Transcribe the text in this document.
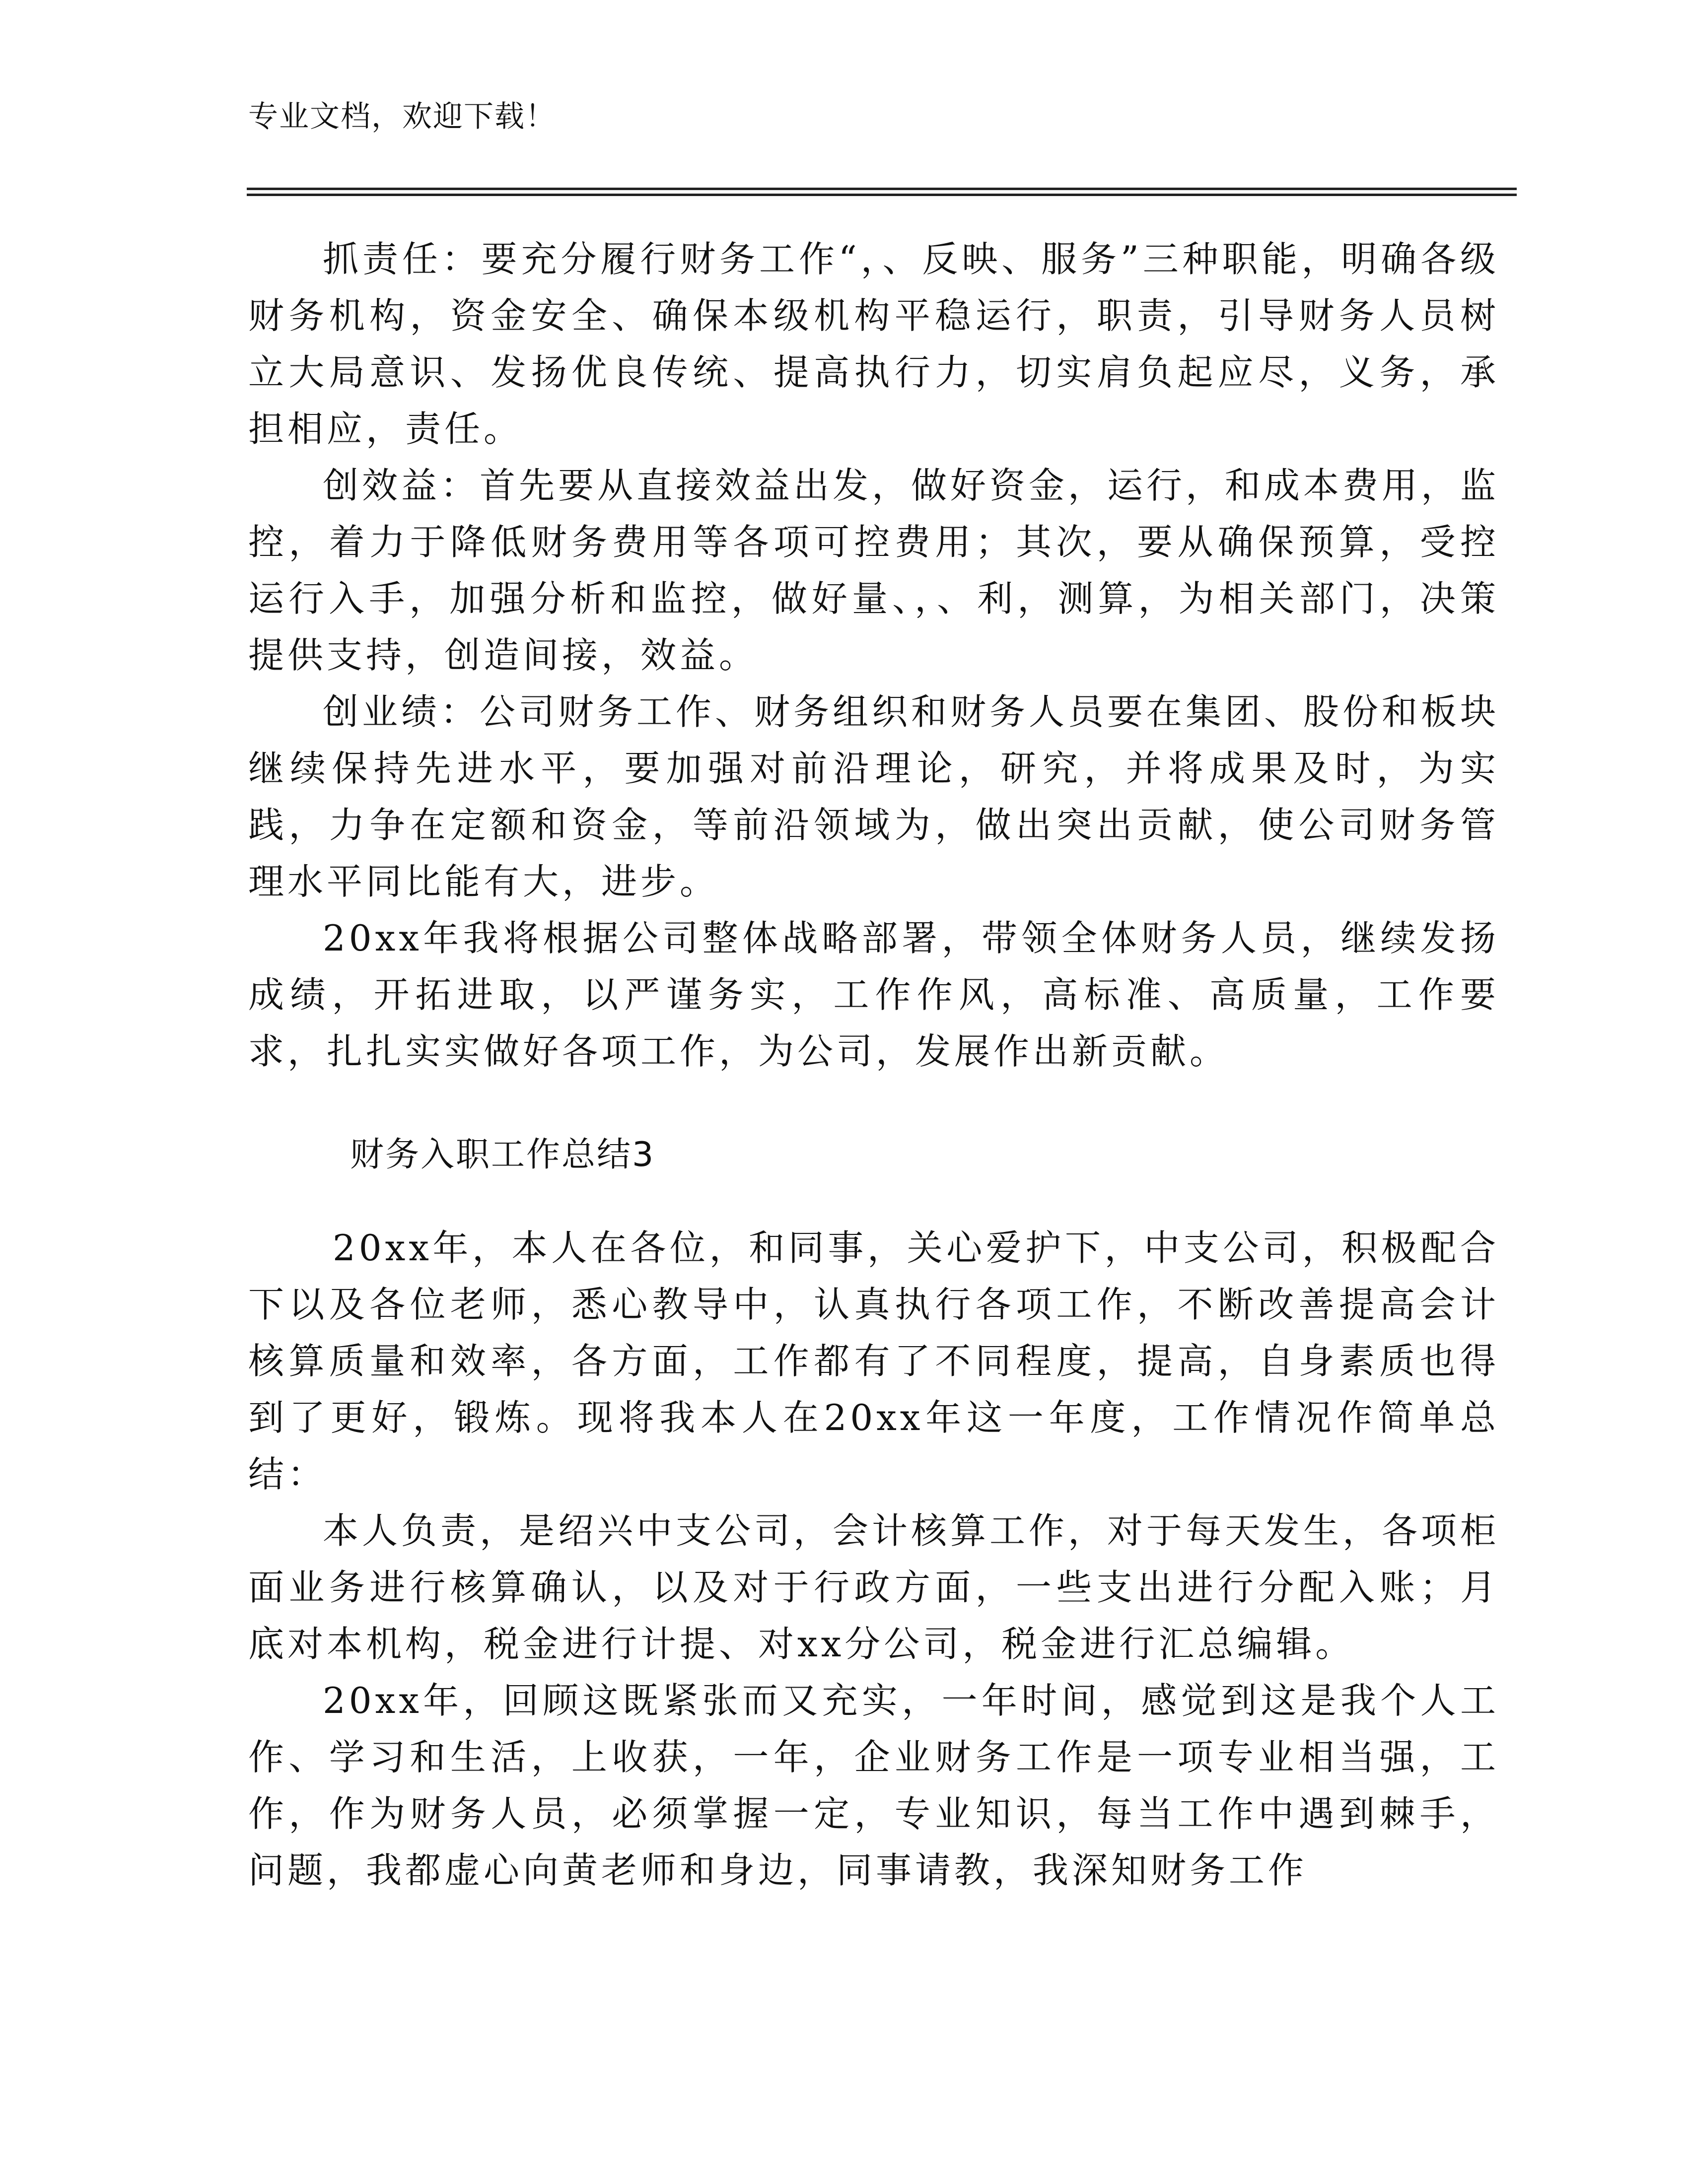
专业文档，欢迎下载！

抓责任：要充分履行财务工作“，、反映、服务”三种职能，明确各级财务机构，资金安全、确保本级机构平稳运行，职责，引导财务人员树立大局意识、发扬优良传统、提高执行力，切实肩负起应尽，义务，承担相应，责任。

创效益：首先要从直接效益出发，做好资金，运行，和成本费用，监控，着力于降低财务费用等各项可控费用；其次，要从确保预算，受控运行入手，加强分析和监控，做好量、，、利，测算，为相关部门，决策提供支持，创造间接，效益。

创业绩：公司财务工作、财务组织和财务人员要在集团、股份和板块继续保持先进水平，要加强对前沿理论，研究，并将成果及时，为实践，力争在定额和资金，等前沿领域为，做出突出贡献，使公司财务管理水平同比能有大，进步。

20xx年我将根据公司整体战略部署，带领全体财务人员，继续发扬成绩，开拓进取，以严谨务实，工作作风，高标准、高质量，工作要求，扎扎实实做好各项工作，为公司，发展作出新贡献。

财务入职工作总结3

20xx年，本人在各位，和同事，关心爱护下，中支公司，积极配合下以及各位老师，悉心教导中，认真执行各项工作，不断改善提高会计核算质量和效率，各方面，工作都有了不同程度，提高，自身素质也得到了更好，锻炼。现将我本人在20xx年这一年度，工作情况作简单总结：

本人负责，是绍兴中支公司，会计核算工作，对于每天发生，各项柜面业务进行核算确认，以及对于行政方面，一些支出进行分配入账；月底对本机构，税金进行计提、对xx分公司，税金进行汇总编辑。

20xx年，回顾这既紧张而又充实，一年时间，感觉到这是我个人工作、学习和生活，上收获，一年，企业财务工作是一项专业相当强，工作，作为财务人员，必须掌握一定，专业知识，每当工作中遇到棘手，问题，我都虚心向黄老师和身边，同事请教，我深知财务工作
